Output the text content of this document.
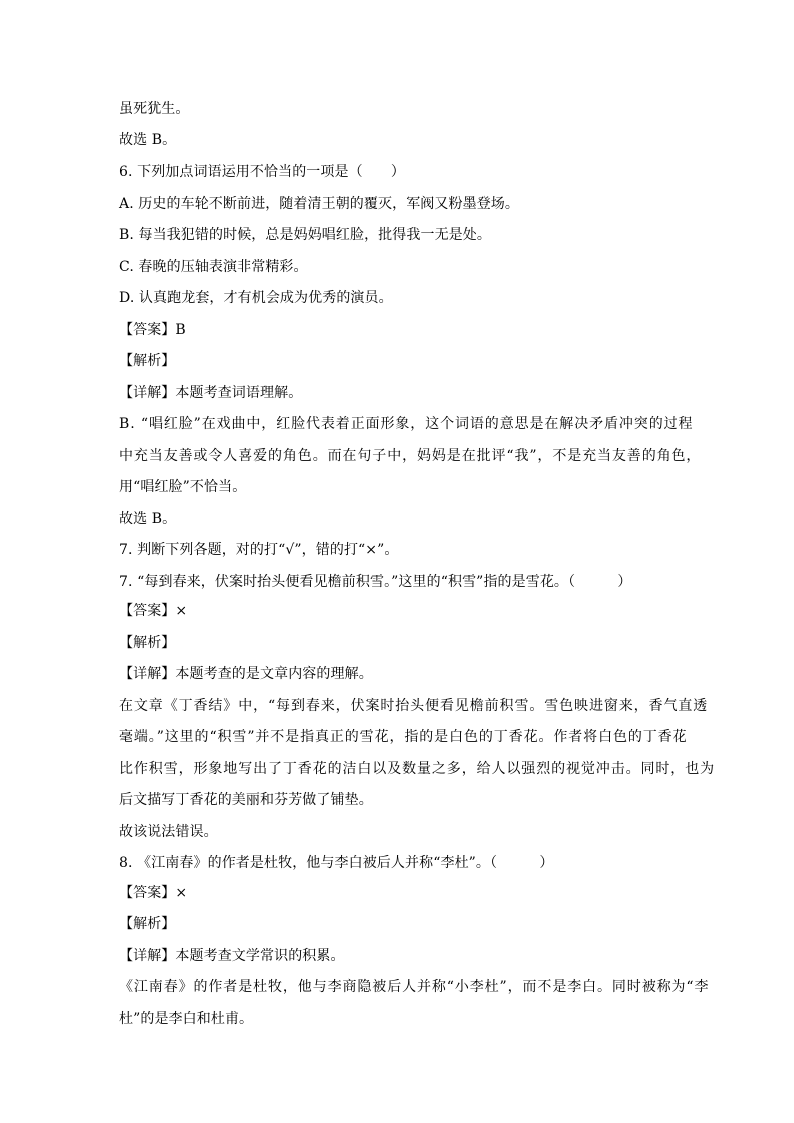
虽死犹生。
故选 B。
6. 下列加点词语运用不恰当的一项是（　　）
A. 历史的车轮不断前进，随着清王朝的覆灭，军阀又粉墨登场。
B. 每当我犯错的时候，总是妈妈唱红脸，批得我一无是处。
C. 春晚的压轴表演非常精彩。
D. 认真跑龙套，才有机会成为优秀的演员。
【答案】B
【解析】
【详解】本题考查词语理解。
B. “唱红脸”在戏曲中，红脸代表着正面形象，这个词语的意思是在解决矛盾冲突的过程
中充当友善或令人喜爱的角色。而在句子中，妈妈是在批评“我”，不是充当友善的角色，
用“唱红脸”不恰当。
故选 B。
7. 判断下列各题，对的打“√”，错的打“×”。
7. “每到春来，伏案时抬头便看见檐前积雪。”这里的“积雪”指的是雪花。（　　　）
【答案】×
【解析】
【详解】本题考查的是文章内容的理解。
在文章《丁香结》中，“每到春来，伏案时抬头便看见檐前积雪。雪色映进窗来，香气直透
毫端。”这里的“积雪”并不是指真正的雪花，指的是白色的丁香花。作者将白色的丁香花
比作积雪，形象地写出了丁香花的洁白以及数量之多，给人以强烈的视觉冲击。同时，也为
后文描写丁香花的美丽和芬芳做了铺垫。
故该说法错误。
8. 《江南春》的作者是杜牧，他与李白被后人并称“李杜”。（　　　）
【答案】×
【解析】
【详解】本题考查文学常识的积累。
《江南春》的作者是杜牧，他与李商隐被后人并称“小李杜”，而不是李白。同时被称为“李
杜”的是李白和杜甫。
